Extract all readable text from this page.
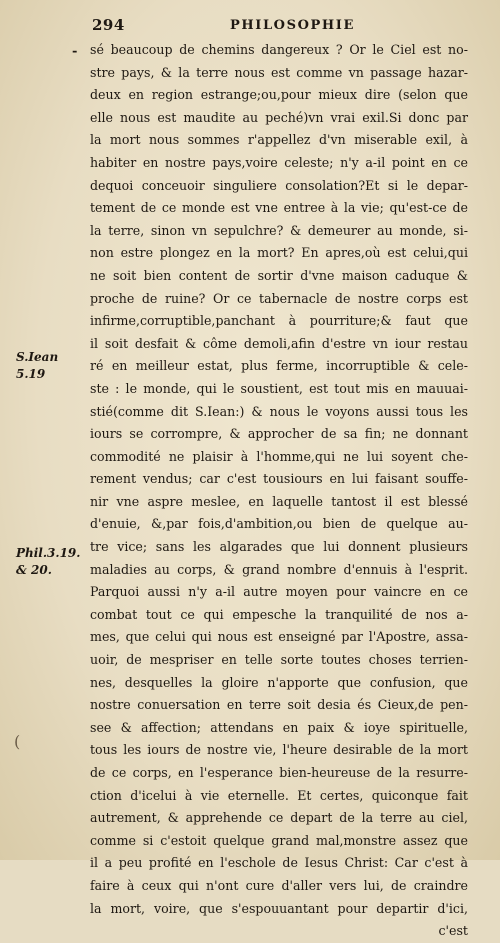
294	PHILOSOPHIE
-
S.Iean 5.19
Phil.3.19. & 20.
(
sé beaucoup de chemins dangereux ? Or le Ciel est no-
stre pays, & la terre nous est comme vn passage hazar-
deux en region estrange;ou,pour mieux dire (selon que
elle nous est maudite au peché)vn vrai exil.Si donc par
la mort nous sommes r'appellez d'vn miserable exil, à
habiter en nostre pays,voire celeste; n'y a-il point en ce
dequoi conceuoir singuliere consolation?Et si le depar-
tement de ce monde est vne entree à la vie; qu'est-ce de
la terre, sinon vn sepulchre? & demeurer au monde, si-
non estre plongez en la mort? En apres,où est celui,qui
ne soit bien content de sortir d'vne maison caduque &
proche de ruine? Or ce tabernacle de nostre corps est
infirme,corruptible,panchant à pourriture;& faut que
il soit desfait & côme demoli,afin d'estre vn iour restau
ré en meilleur estat, plus ferme, incorruptible & cele-
ste : le monde, qui le soustient, est tout mis en mauuai-
stié(comme dit S.Iean:) & nous le voyons aussi tous les
iours se corrompre, & approcher de sa fin; ne donnant
commodité ne plaisir à l'homme,qui ne lui soyent che-
rement vendus; car c'est tousiours en lui faisant souffe-
nir vne aspre meslee, en laquelle tantost il est blessé
d'enuie, &,par fois,d'ambition,ou bien de quelque au-
tre vice; sans les algarades que lui donnent plusieurs
maladies au corps, & grand nombre d'ennuis à l'esprit.
Parquoi aussi n'y a-il autre moyen pour vaincre en ce
combat tout ce qui empesche la tranquilité de nos a-
mes, que celui qui nous est enseigné par l'Apostre, assa-
uoir, de mespriser en telle sorte toutes choses terrien-
nes, desquelles la gloire n'apporte que confusion, que
nostre conuersation en terre soit desia és Cieux,de pen-
see & affection; attendans en paix & ioye spirituelle,
tous les iours de nostre vie, l'heure desirable de la mort
de ce corps, en l'esperance bien-heureuse de la resurre-
ction d'icelui à vie eternelle. Et certes, quiconque fait
autrement, & apprehende ce depart de la terre au ciel,
comme si c'estoit quelque grand mal,monstre assez que
il a peu profité en l'eschole de Iesus Christ: Car c'est à
faire à ceux qui n'ont cure d'aller vers lui, de craindre
la mort, voire, que s'espouuantant pour departir d'ici,
c'est
